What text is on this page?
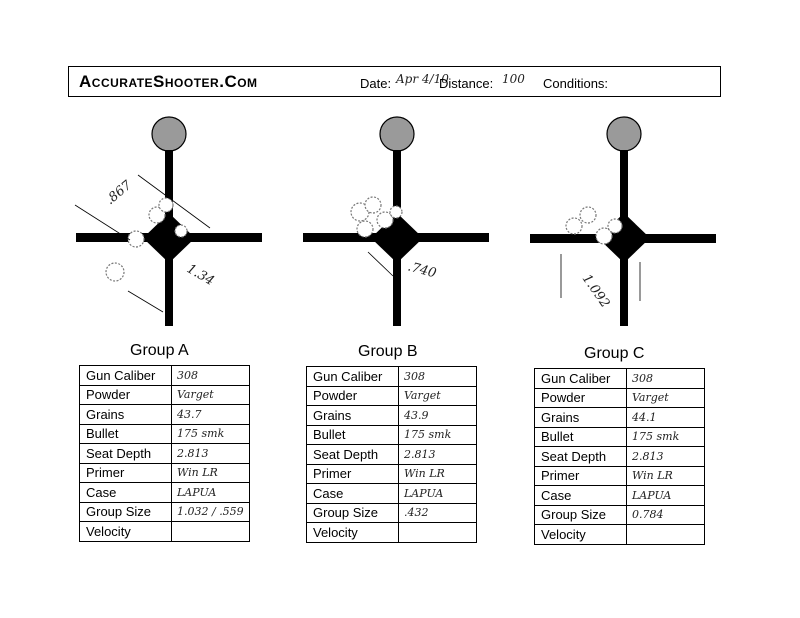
AccurateShooter.Com	Date: Apr 4/10
Distance: 100 Conditions:
.867
1.34	.740
1.092
Group A	Group B	Group C
Gun Caliber	308
Powder	Varget
Grains	43.7
Bullet	175 smk
Seat Depth	2.813
Primer	Win LR
Case	LAPUA
Group Size	1.032 / .559
Velocity	
Gun Caliber	308
Powder	Varget
Grains	43.9
Bullet	175 smk
Seat Depth	2.813
Primer	Win LR
Case	LAPUA
Group Size	.432
Velocity	
Gun Caliber	308
Powder	Varget
Grains	44.1
Bullet	175 smk
Seat Depth	2.813
Primer	Win LR
Case	LAPUA
Group Size	0.784
Velocity	
